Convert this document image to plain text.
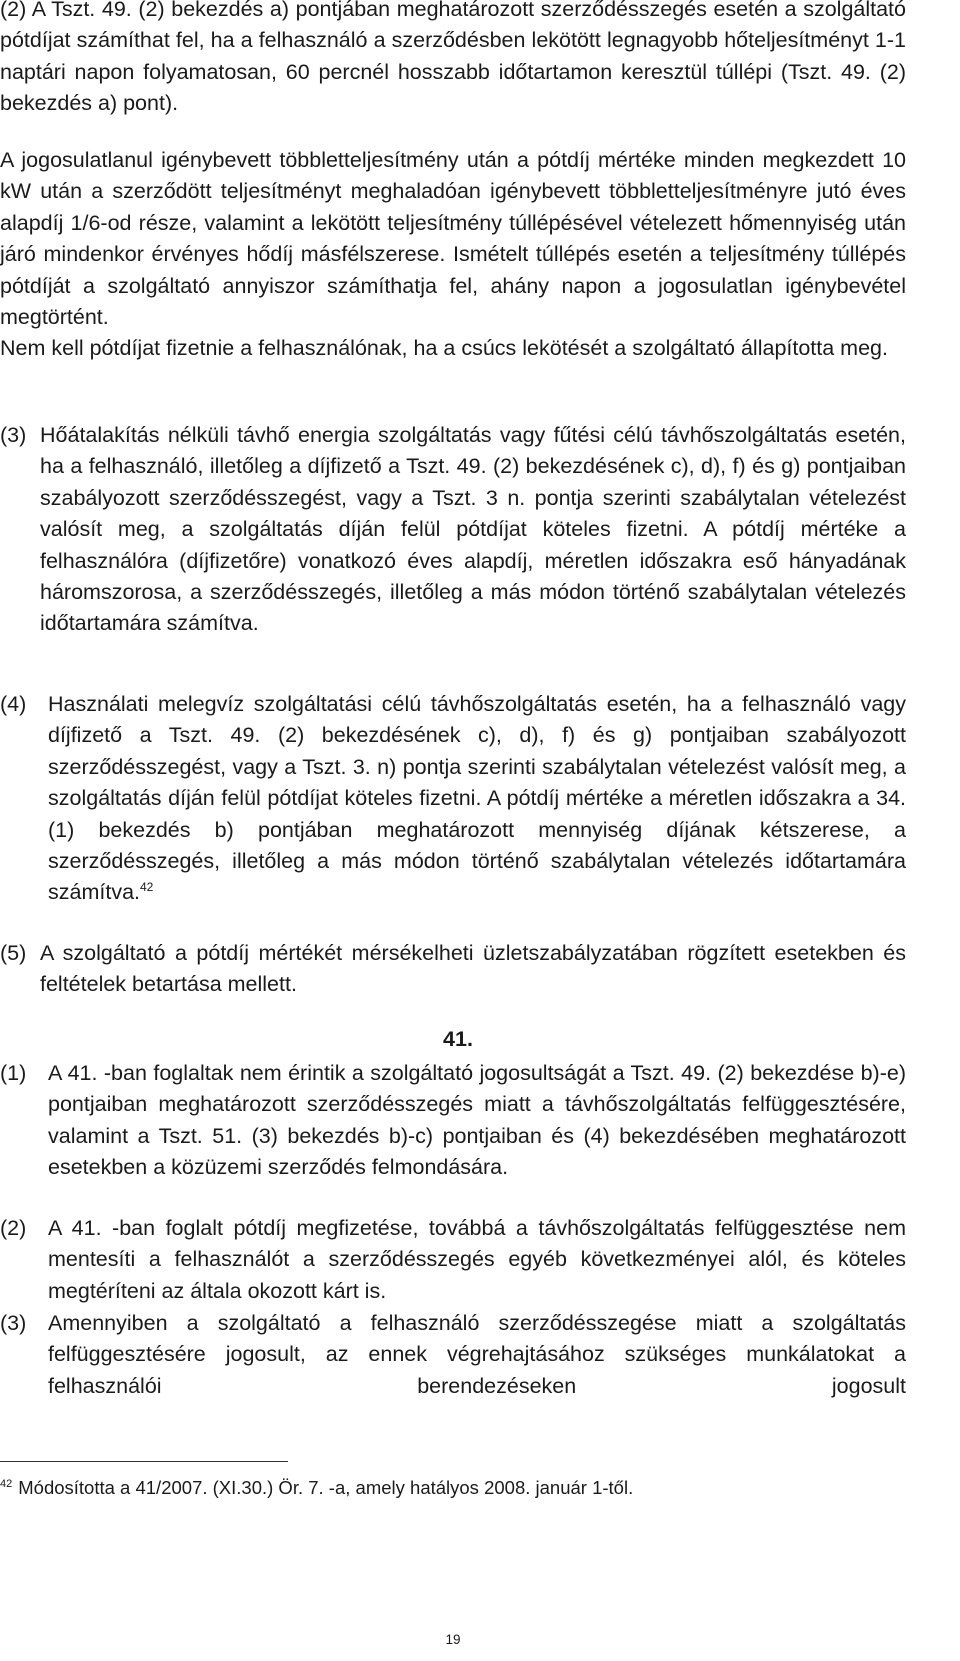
(2) A Tszt. 49. (2) bekezdés a) pontjában meghatározott szerződésszegés esetén a szolgáltató pótdíjat számíthat fel, ha a felhasználó a szerződésben lekötött legnagyobb hőteljesítményt 1-1 naptári napon folyamatosan, 60 percnél hosszabb időtartamon keresztül túllépi (Tszt. 49. (2) bekezdés a) pont).

A jogosulatlanul igénybevett többletteljesítmény után a pótdíj mértéke minden megkezdett 10 kW után a szerződött teljesítményt meghaladóan igénybevett többletteljesítményre jutó éves alapdíj 1/6-od része, valamint a lekötött teljesítmény túllépésével vételezett hőmennyiség után járó mindenkor érvényes hődíj másfélszerese. Ismételt túllépés esetén a teljesítmény túllépés pótdíját a szolgáltató annyiszor számíthatja fel, ahány napon a jogosulatlan igénybevétel megtörtént.

Nem kell pótdíjat fizetnie a felhasználónak, ha a csúcs lekötését a szolgáltató állapította meg.

(3) Hőátalakítás nélküli távhő energia szolgáltatás vagy fűtési célú távhőszolgáltatás esetén, ha a felhasználó, illetőleg a díjfizető a Tszt. 49. (2) bekezdésének c), d), f) és g) pontjaiban szabályozott szerződésszegést, vagy a Tszt. 3 n. pontja szerinti szabálytalan vételezést valósít meg, a szolgáltatás díján felül pótdíjat köteles fizetni. A pótdíj mértéke a felhasználóra (díjfizetőre) vonatkozó éves alapdíj, méretlen időszakra eső hányadának háromszorosa, a szerződésszegés, illetőleg a más módon történő szabálytalan vételezés időtartamára számítva.
(4)	Használati melegvíz szolgáltatási célú távhőszolgáltatás esetén, ha a felhasználó vagy díjfizető a Tszt. 49. (2) bekezdésének c), d), f) és g) pontjaiban szabályozott szerződésszegést, vagy a Tszt. 3. n) pontja szerinti szabálytalan vételezést valósít meg, a szolgáltatás díján felül pótdíjat köteles fizetni. A pótdíj mértéke a méretlen időszakra a 34. (1) bekezdés b) pontjában meghatározott mennyiség díjának kétszerese, a szerződésszegés, illetőleg a más módon történő szabálytalan vételezés időtartamára számítva.$^{42}$
(5) A szolgáltató a pótdíj mértékét mérsékelheti üzletszabályzatában rögzített esetekben és feltételek betartása mellett.
41.
(1)	A 41. -ban foglaltak nem érintik a szolgáltató jogosultságát a Tszt. 49. (2) bekezdése b)-e) pontjaiban meghatározott szerződésszegés miatt a távhőszolgáltatás felfüggesztésére, valamint a Tszt. 51. (3) bekezdés b)-c) pontjaiban és (4) bekezdésében meghatározott esetekben a közüzemi szerződés felmondására.
(2)	A 41. -ban foglalt pótdíj megfizetése, továbbá a távhőszolgáltatás felfüggesztése nem mentesíti a felhasználót a szerződésszegés egyéb következményei alól, és köteles megtéríteni az általa okozott kárt is.
(3)	Amennyiben a szolgáltató a felhasználó szerződésszegése miatt a szolgáltatás felfüggesztésére jogosult, az ennek végrehajtásához szükséges munkálatokat a felhasználói berendezéseken jogosult
$^{42}$ Módosította a 41/2007. (XI.30.) Ör. 7. -a, amely hatályos 2008. január 1-től.
19
